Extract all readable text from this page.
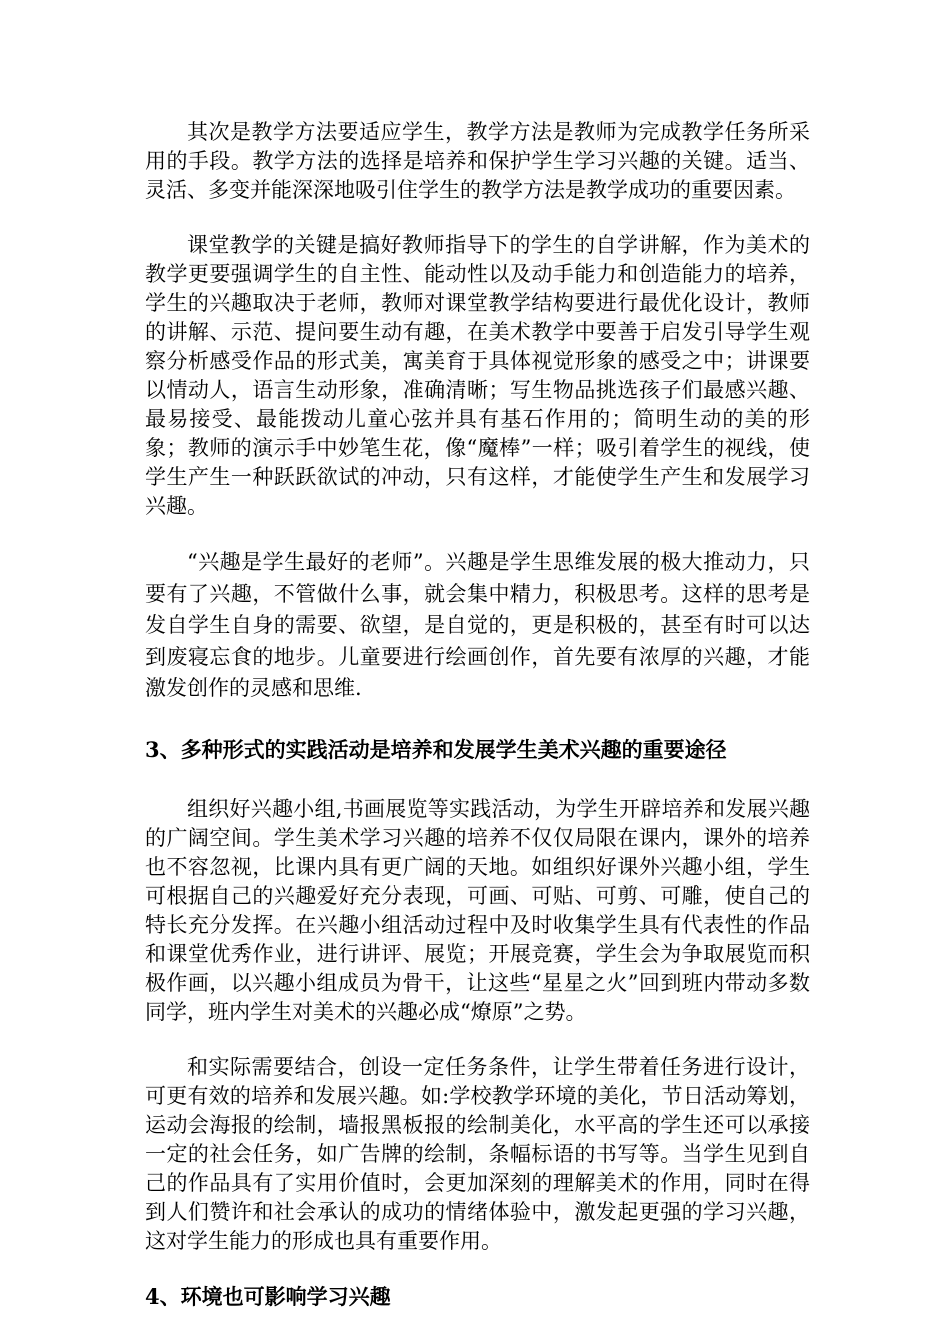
其次是教学方法要适应学生，教学方法是教师为完成教学任务所采用的手段。教学方法的选择是培养和保护学生学习兴趣的关键。适当、灵活、多变并能深深地吸引住学生的教学方法是教学成功的重要因素。

课堂教学的关键是搞好教师指导下的学生的自学讲解，作为美术的教学更要强调学生的自主性、能动性以及动手能力和创造能力的培养，学生的兴趣取决于老师，教师对课堂教学结构要进行最优化设计，教师的讲解、示范、提问要生动有趣，在美术教学中要善于启发引导学生观察分析感受作品的形式美，寓美育于具体视觉形象的感受之中；讲课要以情动人，语言生动形象，准确清晰；写生物品挑选孩子们最感兴趣、最易接受、最能拨动儿童心弦并具有基石作用的；简明生动的美的形象；教师的演示手中妙笔生花，像“魔棒”一样；吸引着学生的视线，使学生产生一种跃跃欲试的冲动，只有这样，才能使学生产生和发展学习兴趣。

“兴趣是学生最好的老师”。兴趣是学生思维发展的极大推动力，只要有了兴趣，不管做什么事，就会集中精力，积极思考。这样的思考是发自学生自身的需要、欲望，是自觉的，更是积极的，甚至有时可以达到废寝忘食的地步。儿童要进行绘画创作，首先要有浓厚的兴趣，才能激发创作的灵感和思维.

3、多种形式的实践活动是培养和发展学生美术兴趣的重要途径

组织好兴趣小组,书画展览等实践活动，为学生开辟培养和发展兴趣的广阔空间。学生美术学习兴趣的培养不仅仅局限在课内，课外的培养也不容忽视，比课内具有更广阔的天地。如组织好课外兴趣小组，学生可根据自己的兴趣爱好充分表现，可画、可贴、可剪、可雕，使自己的特长充分发挥。在兴趣小组活动过程中及时收集学生具有代表性的作品和课堂优秀作业，进行讲评、展览；开展竞赛，学生会为争取展览而积极作画，以兴趣小组成员为骨干，让这些“星星之火”回到班内带动多数同学，班内学生对美术的兴趣必成“燎原”之势。

和实际需要结合，创设一定任务条件，让学生带着任务进行设计，可更有效的培养和发展兴趣。如:学校教学环境的美化，节日活动筹划，运动会海报的绘制，墙报黑板报的绘制美化，水平高的学生还可以承接一定的社会任务，如广告牌的绘制，条幅标语的书写等。当学生见到自己的作品具有了实用价值时，会更加深刻的理解美术的作用，同时在得到人们赞许和社会承认的成功的情绪体验中，激发起更强的学习兴趣，这对学生能力的形成也具有重要作用。

4、环境也可影响学习兴趣
